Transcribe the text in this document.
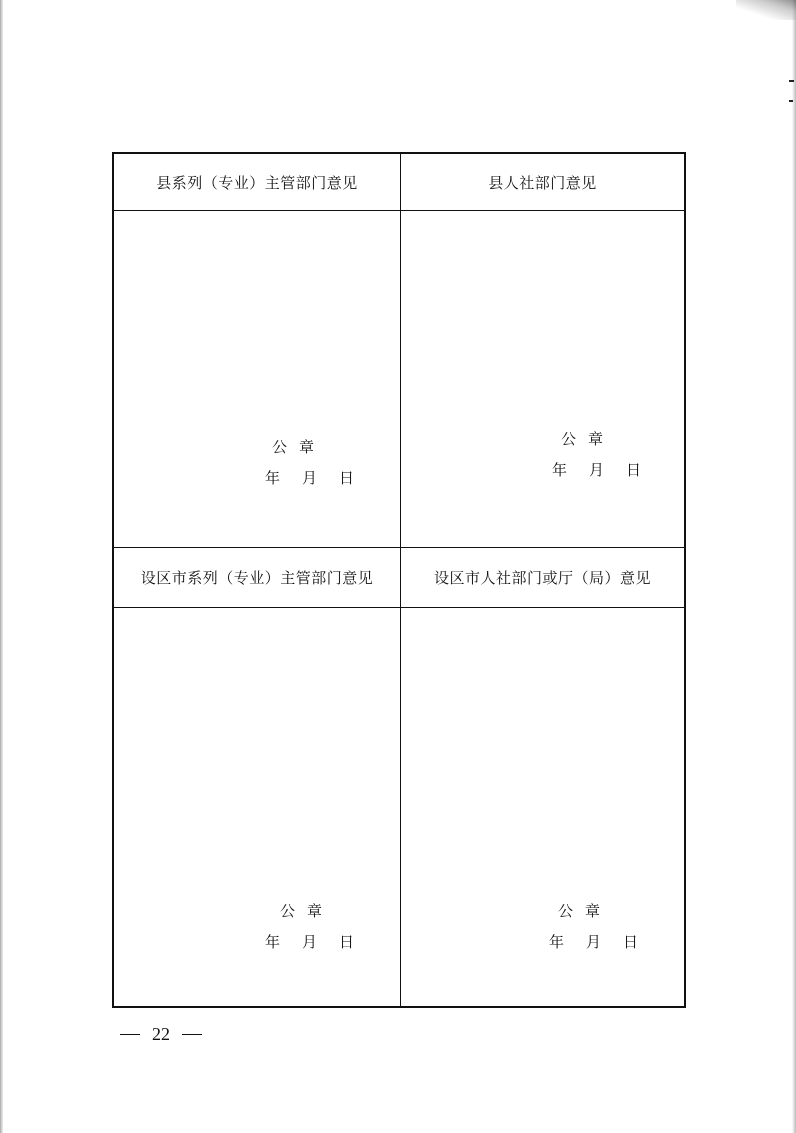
县系列（专业）主管部门意见	县人社部门意见
公章
年 月 日
公章
年 月 日
设区市系列（专业）主管部门意见	设区市人社部门或厅（局）意见
公章
年 月 日
公章
年 月 日
22
